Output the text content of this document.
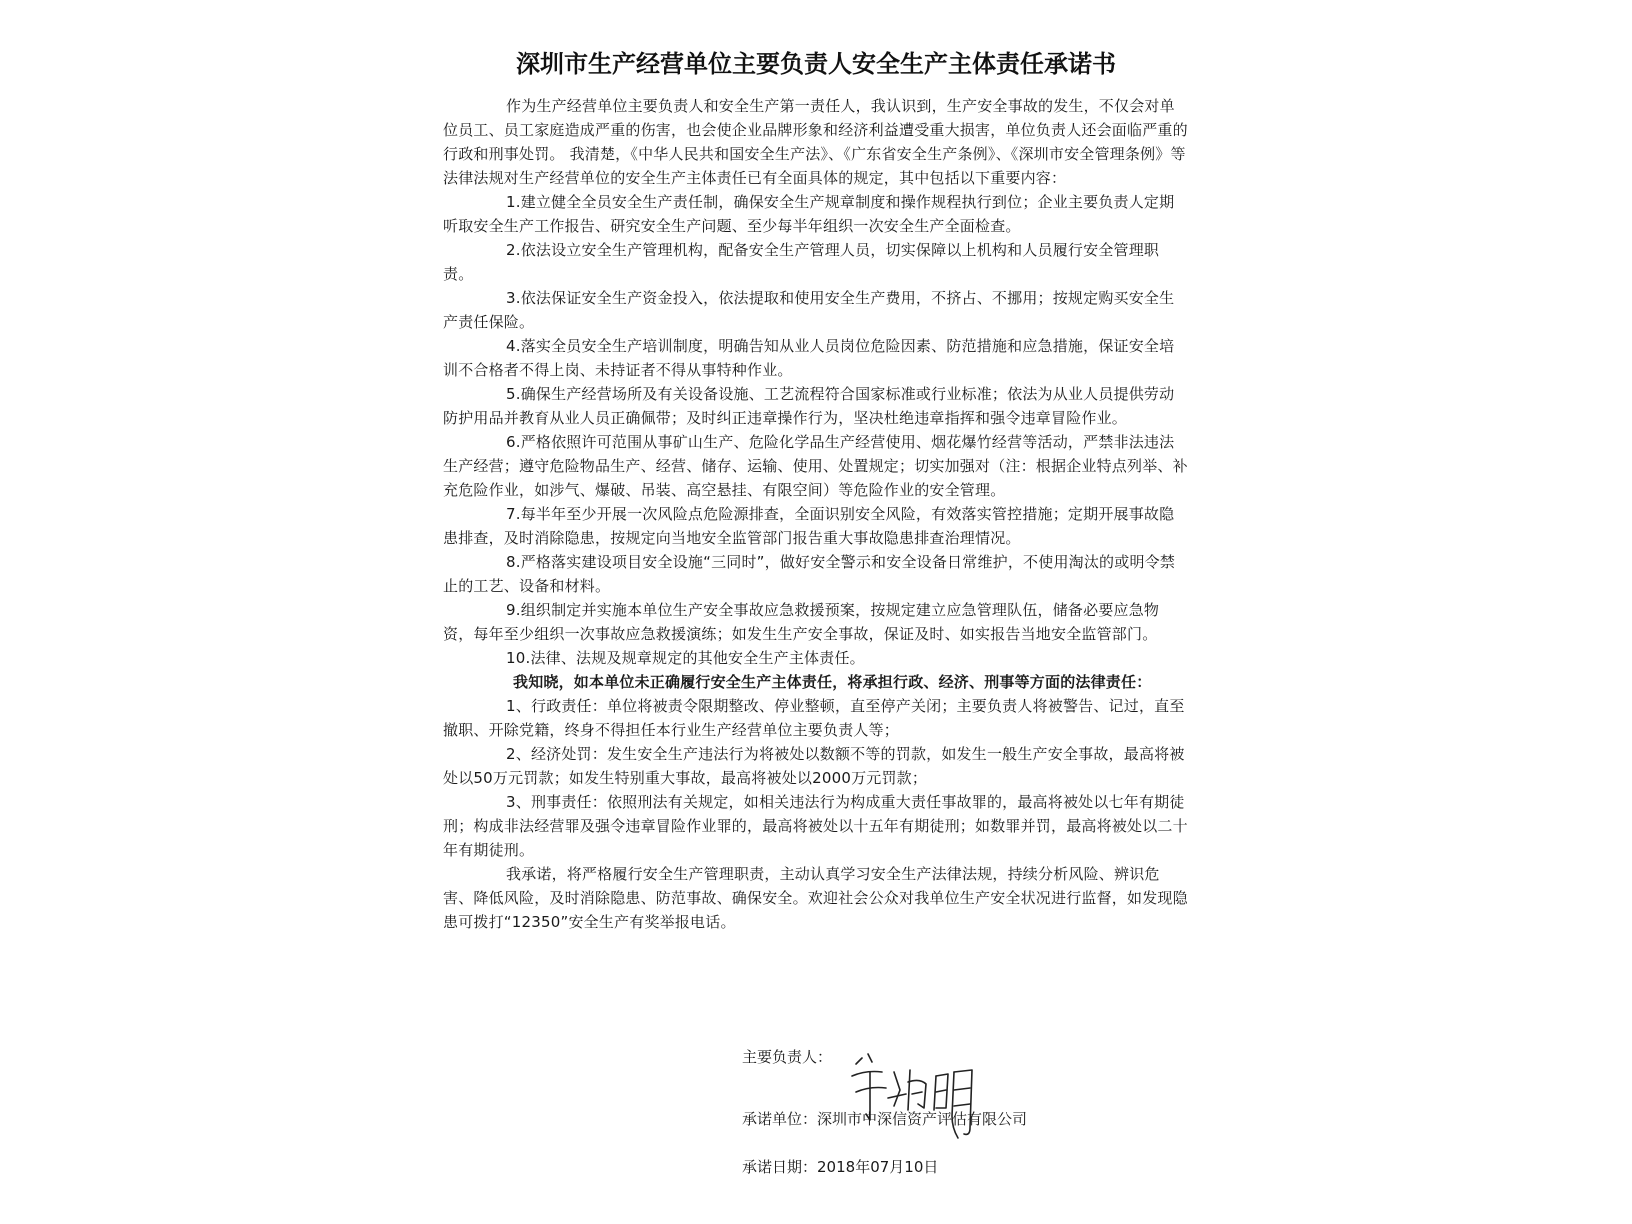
深圳市生产经营单位主要负责人安全生产主体责任承诺书

作为生产经营单位主要负责人和安全生产第一责任人，我认识到，生产安全事故的发生，不仅会对单位员工、员工家庭造成严重的伤害，也会使企业品牌形象和经济利益遭受重大损害，单位负责人还会面临严重的行政和刑事处罚。 我清楚，《中华人民共和国安全生产法》、《广东省安全生产条例》、《深圳市安全管理条例》等法律法规对生产经营单位的安全生产主体责任已有全面具体的规定，其中包括以下重要内容：

1.建立健全全员安全生产责任制，确保安全生产规章制度和操作规程执行到位；企业主要负责人定期听取安全生产工作报告、研究安全生产问题、至少每半年组织一次安全生产全面检查。

2.依法设立安全生产管理机构，配备安全生产管理人员，切实保障以上机构和人员履行安全管理职责。

3.依法保证安全生产资金投入，依法提取和使用安全生产费用，不挤占、不挪用；按规定购买安全生产责任保险。

4.落实全员安全生产培训制度，明确告知从业人员岗位危险因素、防范措施和应急措施，保证安全培训不合格者不得上岗、未持证者不得从事特种作业。

5.确保生产经营场所及有关设备设施、工艺流程符合国家标准或行业标准；依法为从业人员提供劳动防护用品并教育从业人员正确佩带；及时纠正违章操作行为，坚决杜绝违章指挥和强令违章冒险作业。

6.严格依照许可范围从事矿山生产、危险化学品生产经营使用、烟花爆竹经营等活动，严禁非法违法生产经营；遵守危险物品生产、经营、储存、运输、使用、处置规定；切实加强对（注：根据企业特点列举、补充危险作业，如涉气、爆破、吊装、高空悬挂、有限空间）等危险作业的安全管理。

7.每半年至少开展一次风险点危险源排查，全面识别安全风险，有效落实管控措施；定期开展事故隐患排查，及时消除隐患，按规定向当地安全监管部门报告重大事故隐患排查治理情况。

8.严格落实建设项目安全设施“三同时”，做好安全警示和安全设备日常维护，不使用淘汰的或明令禁止的工艺、设备和材料。

9.组织制定并实施本单位生产安全事故应急救援预案，按规定建立应急管理队伍，储备必要应急物资，每年至少组织一次事故应急救援演练；如发生生产安全事故，保证及时、如实报告当地安全监管部门。

10.法律、法规及规章规定的其他安全生产主体责任。

我知晓，如本单位未正确履行安全生产主体责任，将承担行政、经济、刑事等方面的法律责任：

1、行政责任：单位将被责令限期整改、停业整顿，直至停产关闭；主要负责人将被警告、记过，直至撤职、开除党籍，终身不得担任本行业生产经营单位主要负责人等；

2、经济处罚：发生安全生产违法行为将被处以数额不等的罚款，如发生一般生产安全事故，最高将被处以50万元罚款；如发生特别重大事故，最高将被处以2000万元罚款；

3、刑事责任：依照刑法有关规定，如相关违法行为构成重大责任事故罪的，最高将被处以七年有期徒刑；构成非法经营罪及强令违章冒险作业罪的，最高将被处以十五年有期徒刑；如数罪并罚，最高将被处以二十年有期徒刑。

我承诺，将严格履行安全生产管理职责，主动认真学习安全生产法律法规，持续分析风险、辨识危害、降低风险，及时消除隐患、防范事故、确保安全。欢迎社会公众对我单位生产安全状况进行监督，如发现隐患可拨打“12350”安全生产有奖举报电话。

主要负责人：
承诺单位：深圳市中深信资产评估有限公司
承诺日期：2018年07月10日
